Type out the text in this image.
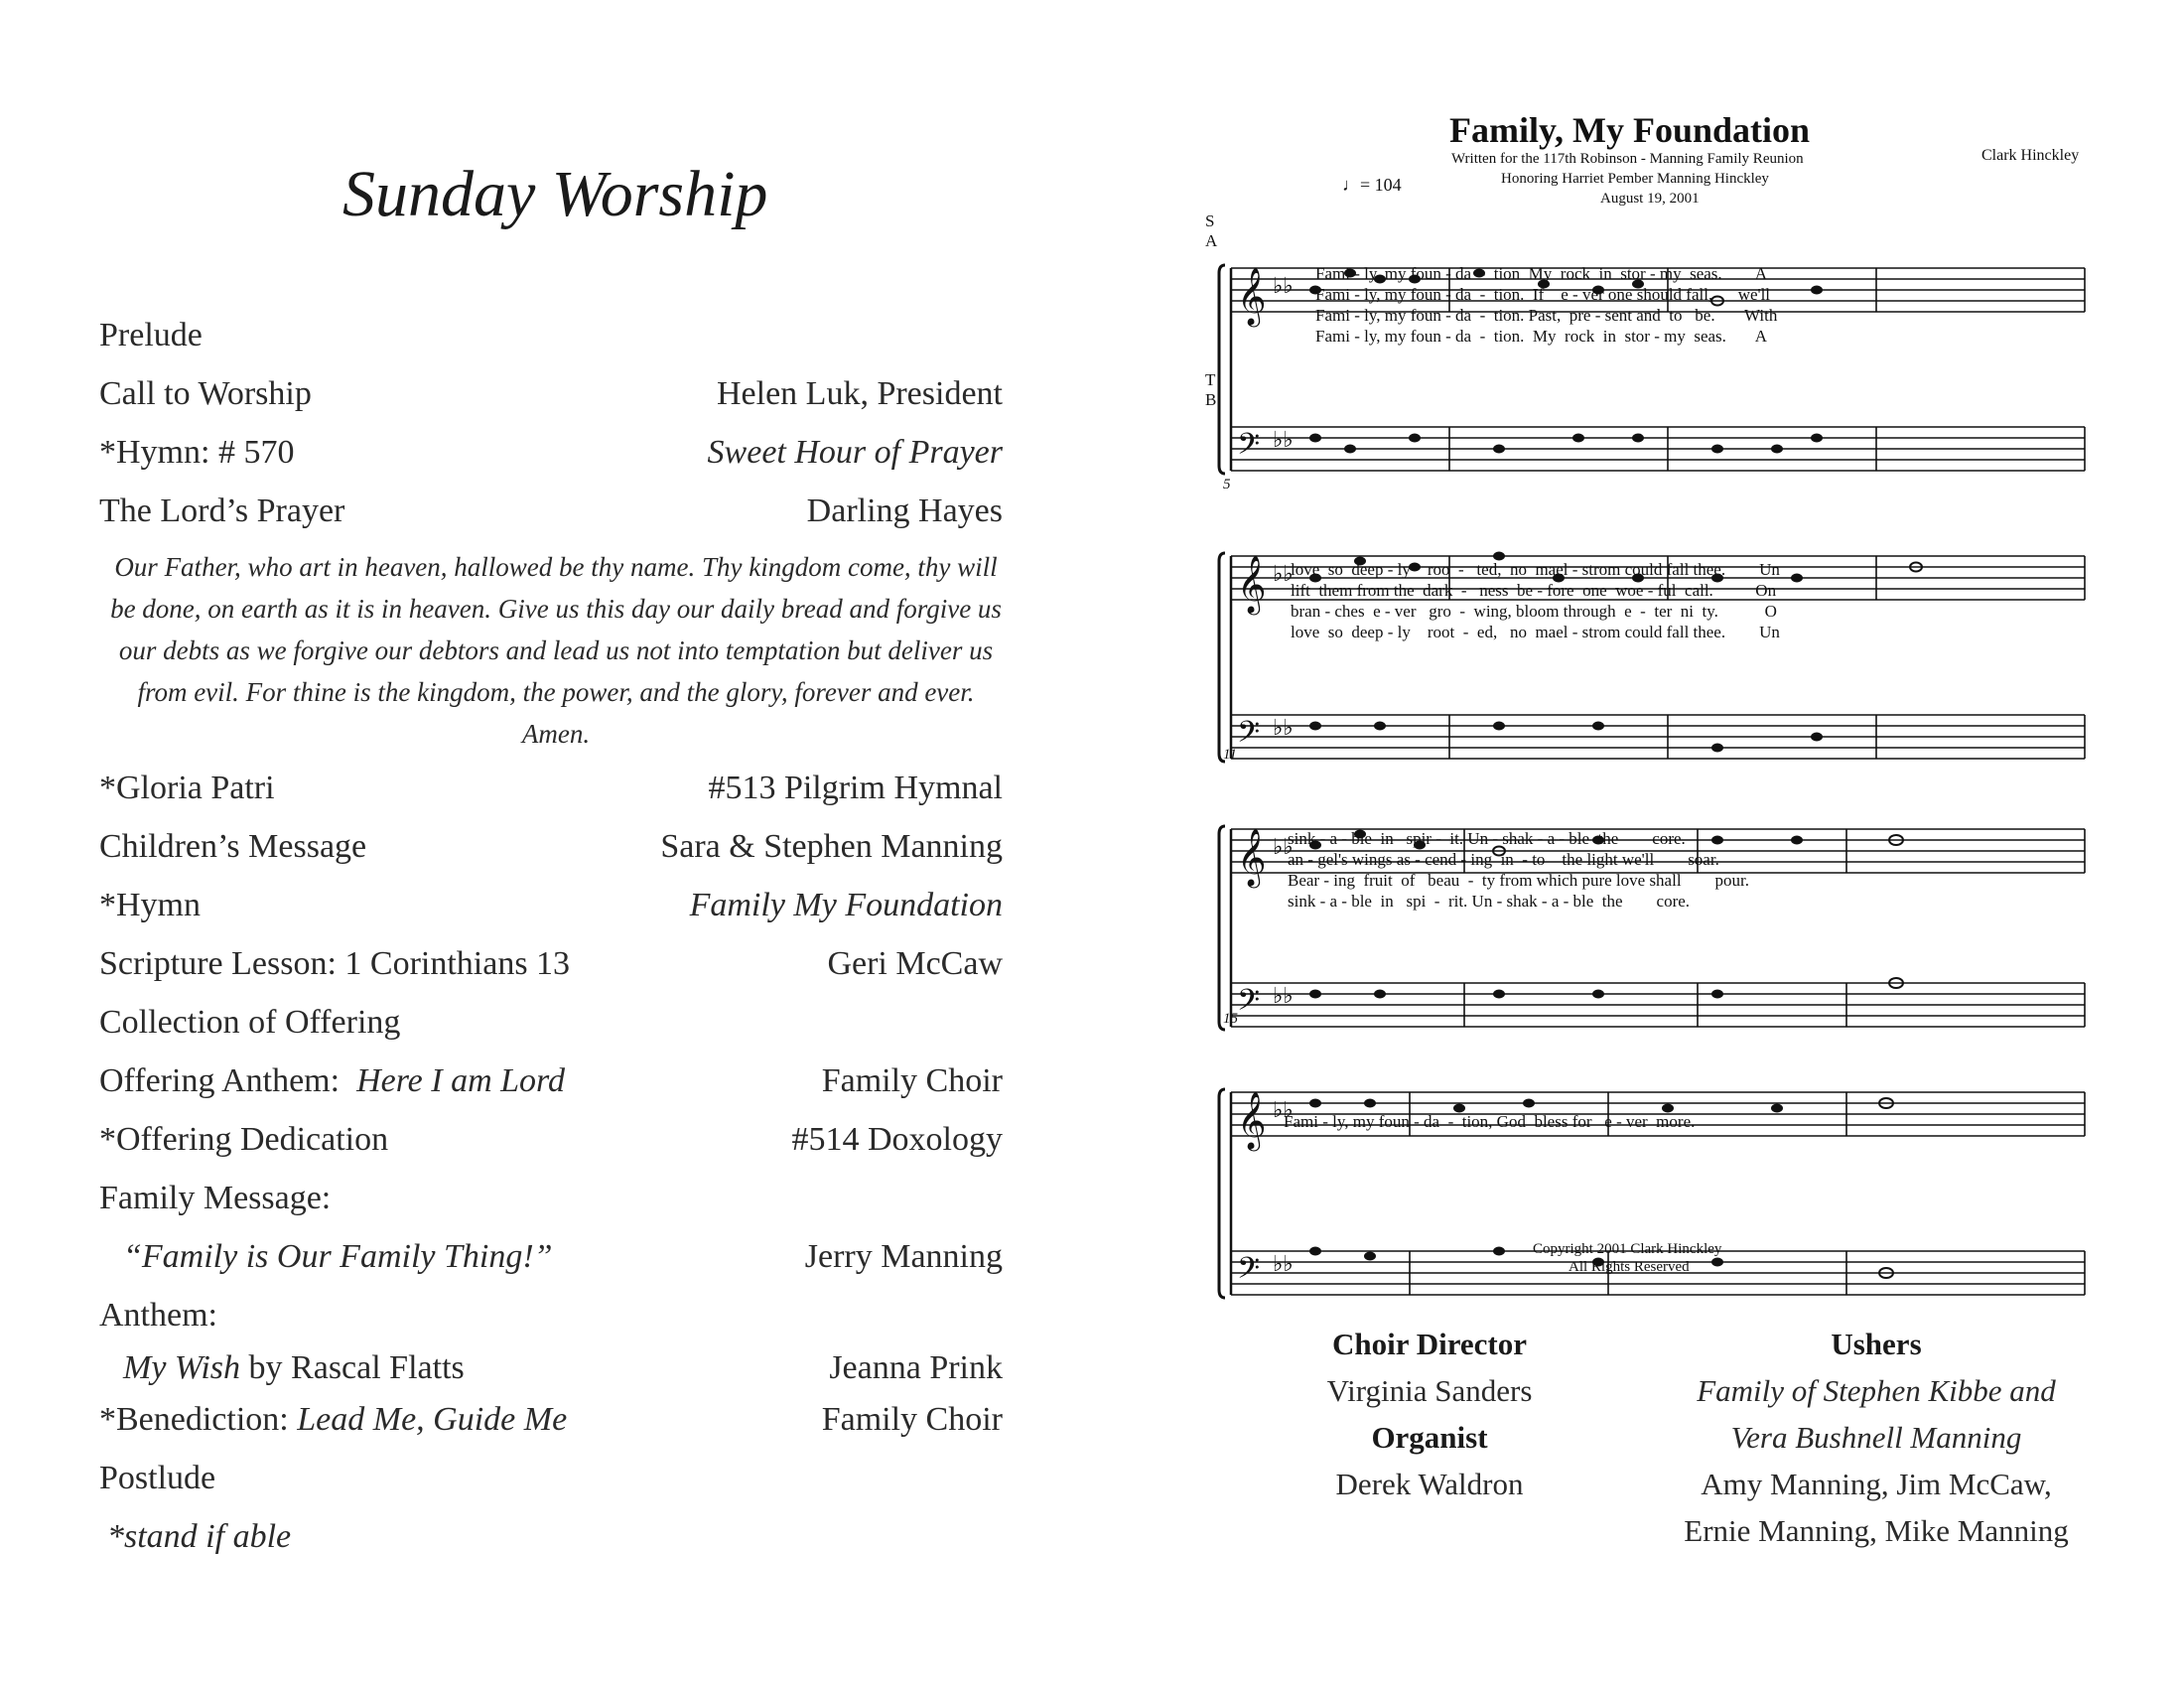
Sunday Worship
Prelude
Call to Worship	Helen Luk, President
*Hymn: # 570	Sweet Hour of Prayer
The Lord’s Prayer	Darling Hayes
Our Father, who art in heaven, hallowed be thy name. Thy kingdom come, thy will be done, on earth as it is in heaven. Give us this day our daily bread and forgive us our debts as we forgive our debtors and lead us not into temptation but deliver us from evil. For thine is the kingdom, the power, and the glory, forever and ever. Amen.
*Gloria Patri	#513 Pilgrim Hymnal
Children’s Message	Sara & Stephen Manning
*Hymn	Family My Foundation
Scripture Lesson: 1 Corinthians 13	Geri McCaw
Collection of Offering
Offering Anthem: Here I am Lord	Family Choir
*Offering Dedication	#514 Doxology
Family Message:
“Family is Our Family Thing!”	Jerry Manning
Anthem:
My Wish by Rascal Flatts	Jeanna Prink
*Benediction: Lead Me, Guide Me	Family Choir
Postlude
*stand if able
Family, My Foundation
Written for the 117th Robinson - Manning Family Reunion
Honoring Harriet Pember Manning Hinckley
August 19, 2001
Clark Hinckley
♩= 104
𝄞
𝄢
𝄞
𝄢
𝄞
𝄢
𝄞
𝄢
♭♭
♭♭
♭♭
♭♭
♭♭
♭♭
♭♭
♭♭
S
A
T
B
5
11
15
Fami - ly, my foun - da  -  tion  My  rock  in  stor - my  seas.        A
Fami - ly, my foun - da  -  tion.  If    e - ver one should fall,      we'll
Fami - ly, my foun - da  -  tion. Past,  pre - sent and  to   be.       With
Fami - ly, my foun - da  -  tion.  My  rock  in  stor - my  seas.       A
love  so  deep - ly    roo  -   ted,  no  mael - strom could fall thee.        Un
lift  them from the  dark  -   ness  be - fore  one  woe - ful  call.          On
bran - ches  e - ver   gro  -  wing, bloom through  e  -  ter  ni  ty.           O
love  so  deep - ly    root  -  ed,   no  mael - strom could fall thee.        Un
sink - a - ble  in   spir -  it. Un - shak - a - ble  the        core.
an - gel's wings as - cend - ing  in  - to    the light we'll        soar.
Bear - ing  fruit  of   beau  -  ty from which pure love shall        pour.
sink - a - ble  in   spi  -  rit. Un - shak - a - ble  the        core.
Fami - ly, my foun - da  -  tion, God  bless for   e - ver  more.
Copyright 2001 Clark Hinckley
All Rights Reserved
Choir Director
Virginia Sanders
Organist
Derek Waldron
Ushers
Family of Stephen Kibbe and
Vera Bushnell Manning
Amy Manning, Jim McCaw,
Ernie Manning, Mike Manning
